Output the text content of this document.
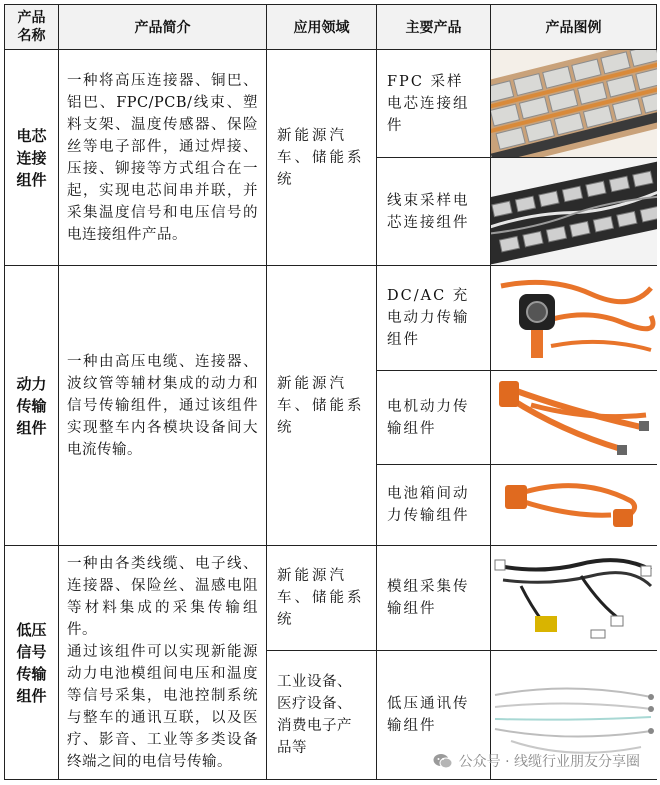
产品
名称	产品简介	应用领域	主要产品	产品图例
电芯
连接
组件	一种将高压连接器、铜巴、铝巴、FPC/PCB/线束、塑料支架、温度传感器、保险丝等电子部件，通过焊接、压接、铆接等方式组合在一起，实现电芯间串并联，并采集温度信号和电压信号的电连接组件产品。	新能源汽车、储能系统	FPC 采样电芯连接组件	

			线束采样电芯连接组件	

动力
传输
组件	一种由高压电缆、连接器、波纹管等辅材集成的动力和信号传输组件，通过该组件实现整车内各模块设备间大电流传输。	新能源汽车、储能系统	DC/AC 充电动力传输组件	

			电机动力传输组件	

			电池箱间动力传输组件	

低压
信号
传输
组件	一种由各类线缆、电子线、连接器、保险丝、温感电阻等材料集成的采集传输组件。
通过该组件可以实现新能源动力电池模组间电压和温度等信号采集，电池控制系统与整车的通讯互联，以及医疗、影音、工业等多类设备终端之间的电信号传输。	新能源汽车、储能系统	模组采集传输组件	

		工业设备、医疗设备、消费电子产品等	低压通讯传输组件	
公众号 · 线缆行业朋友分享圈
